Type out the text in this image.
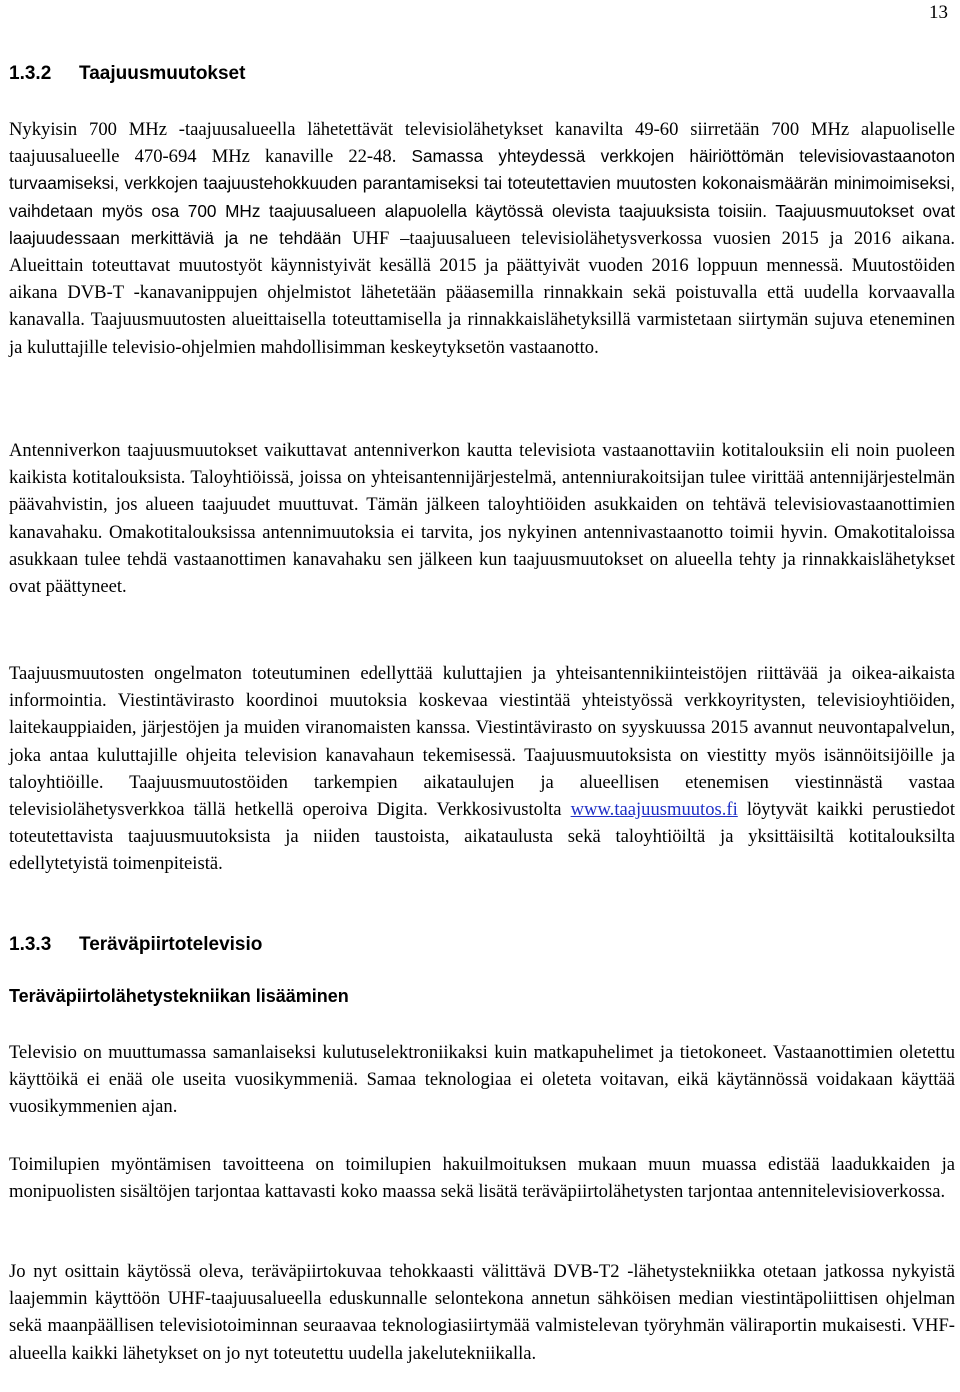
13
1.3.2 Taajuusmuutokset

Nykyisin 700 MHz -taajuusalueella lähetettävät televisiolähetykset kanavilta 49-60 siirretään 700 MHz alapuoliselle taajuusalueelle 470-694 MHz kanaville 22-48. Samassa yhteydessä verkkojen häiriöttömän televisiovastaanoton turvaamiseksi, verkkojen taajuustehokkuuden parantamiseksi tai toteutettavien muutosten kokonaismäärän minimoimiseksi, vaihdetaan myös osa 700 MHz taajuusalueen alapuolella käytössä olevista taajuuksista toisiin. Taajuusmuutokset ovat laajuudessaan merkittäviä ja ne tehdään UHF –taajuusalueen televisiolähetysverkossa vuosien 2015 ja 2016 aikana. Alueittain toteuttavat muutostyöt käynnistyivät kesällä 2015 ja päättyivät vuoden 2016 loppuun mennessä. Muutostöiden aikana DVB-T -kanavanippujen ohjelmistot lähetetään pääasemilla rinnakkain sekä poistuvalla että uudella korvaavalla kanavalla. Taajuusmuutosten alueittaisella toteuttamisella ja rinnakkaislähetyksillä varmistetaan siirtymän sujuva eteneminen ja kuluttajille televisio-ohjelmien mahdollisimman keskeytyksetön vastaanotto.

Antenniverkon taajuusmuutokset vaikuttavat antenniverkon kautta televisiota vastaanottaviin kotitalouksiin eli noin puoleen kaikista kotitalouksista. Taloyhtiöissä, joissa on yhteisantennijärjestelmä, antenniurakoitsijan tulee virittää antennijärjestelmän päävahvistin, jos alueen taajuudet muuttuvat. Tämän jälkeen taloyhtiöiden asukkaiden on tehtävä televisiovastaanottimien kanavahaku. Omakotitalouksissa antennimuutoksia ei tarvita, jos nykyinen antennivastaanotto toimii hyvin. Omakotitaloissa asukkaan tulee tehdä vastaanottimen kanavahaku sen jälkeen kun taajuusmuutokset on alueella tehty ja rinnakkaislähetykset ovat päättyneet.

Taajuusmuutosten ongelmaton toteutuminen edellyttää kuluttajien ja yhteisantennikiinteistöjen riittävää ja oikea-aikaista informointia. Viestintävirasto koordinoi muutoksia koskevaa viestintää yhteistyössä verkkoyritysten, televisioyhtiöiden, laitekauppiaiden, järjestöjen ja muiden viranomaisten kanssa. Viestintävirasto on syyskuussa 2015 avannut neuvontapalvelun, joka antaa kuluttajille ohjeita television kanavahaun tekemisessä. Taajuusmuutoksista on viestitty myös isännöitsijöille ja taloyhtiöille. Taajuusmuutostöiden tarkempien aikataulujen ja alueellisen etenemisen viestinnästä vastaa televisiolähetysverkkoa tällä hetkellä operoiva Digita. Verkkosivustolta www.taajuusmuutos.fi löytyvät kaikki perustiedot toteutettavista taajuusmuutoksista ja niiden taustoista, aikataulusta sekä taloyhtiöiltä ja yksittäisiltä kotitalouksilta edellytetyistä toimenpiteistä.

1.3.3 Teräväpiirtotelevisio
Teräväpiirtolähetystekniikan lisääminen

Televisio on muuttumassa samanlaiseksi kulutuselektroniikaksi kuin matkapuhelimet ja tietokoneet. Vastaanottimien oletettu käyttöikä ei enää ole useita vuosikymmeniä. Samaa teknologiaa ei oleteta voitavan, eikä käytännössä voidakaan käyttää vuosikymmenien ajan.

Toimilupien myöntämisen tavoitteena on toimilupien hakuilmoituksen mukaan muun muassa edistää laadukkaiden ja monipuolisten sisältöjen tarjontaa kattavasti koko maassa sekä lisätä teräväpiirtolähetysten tarjontaa antennitelevisioverkossa.

Jo nyt osittain käytössä oleva, teräväpiirtokuvaa tehokkaasti välittävä DVB-T2 -lähetystekniikka otetaan jatkossa nykyistä laajemmin käyttöön UHF-taajuusalueella eduskunnalle selontekona annetun sähköisen median viestintäpoliittisen ohjelman sekä maanpäällisen televisiotoiminnan seuraavaa teknologiasiirtymää valmistelevan työryhmän väliraportin mukaisesti. VHF-alueella kaikki lähetykset on jo nyt toteutettu uudella jakelutekniikalla.
